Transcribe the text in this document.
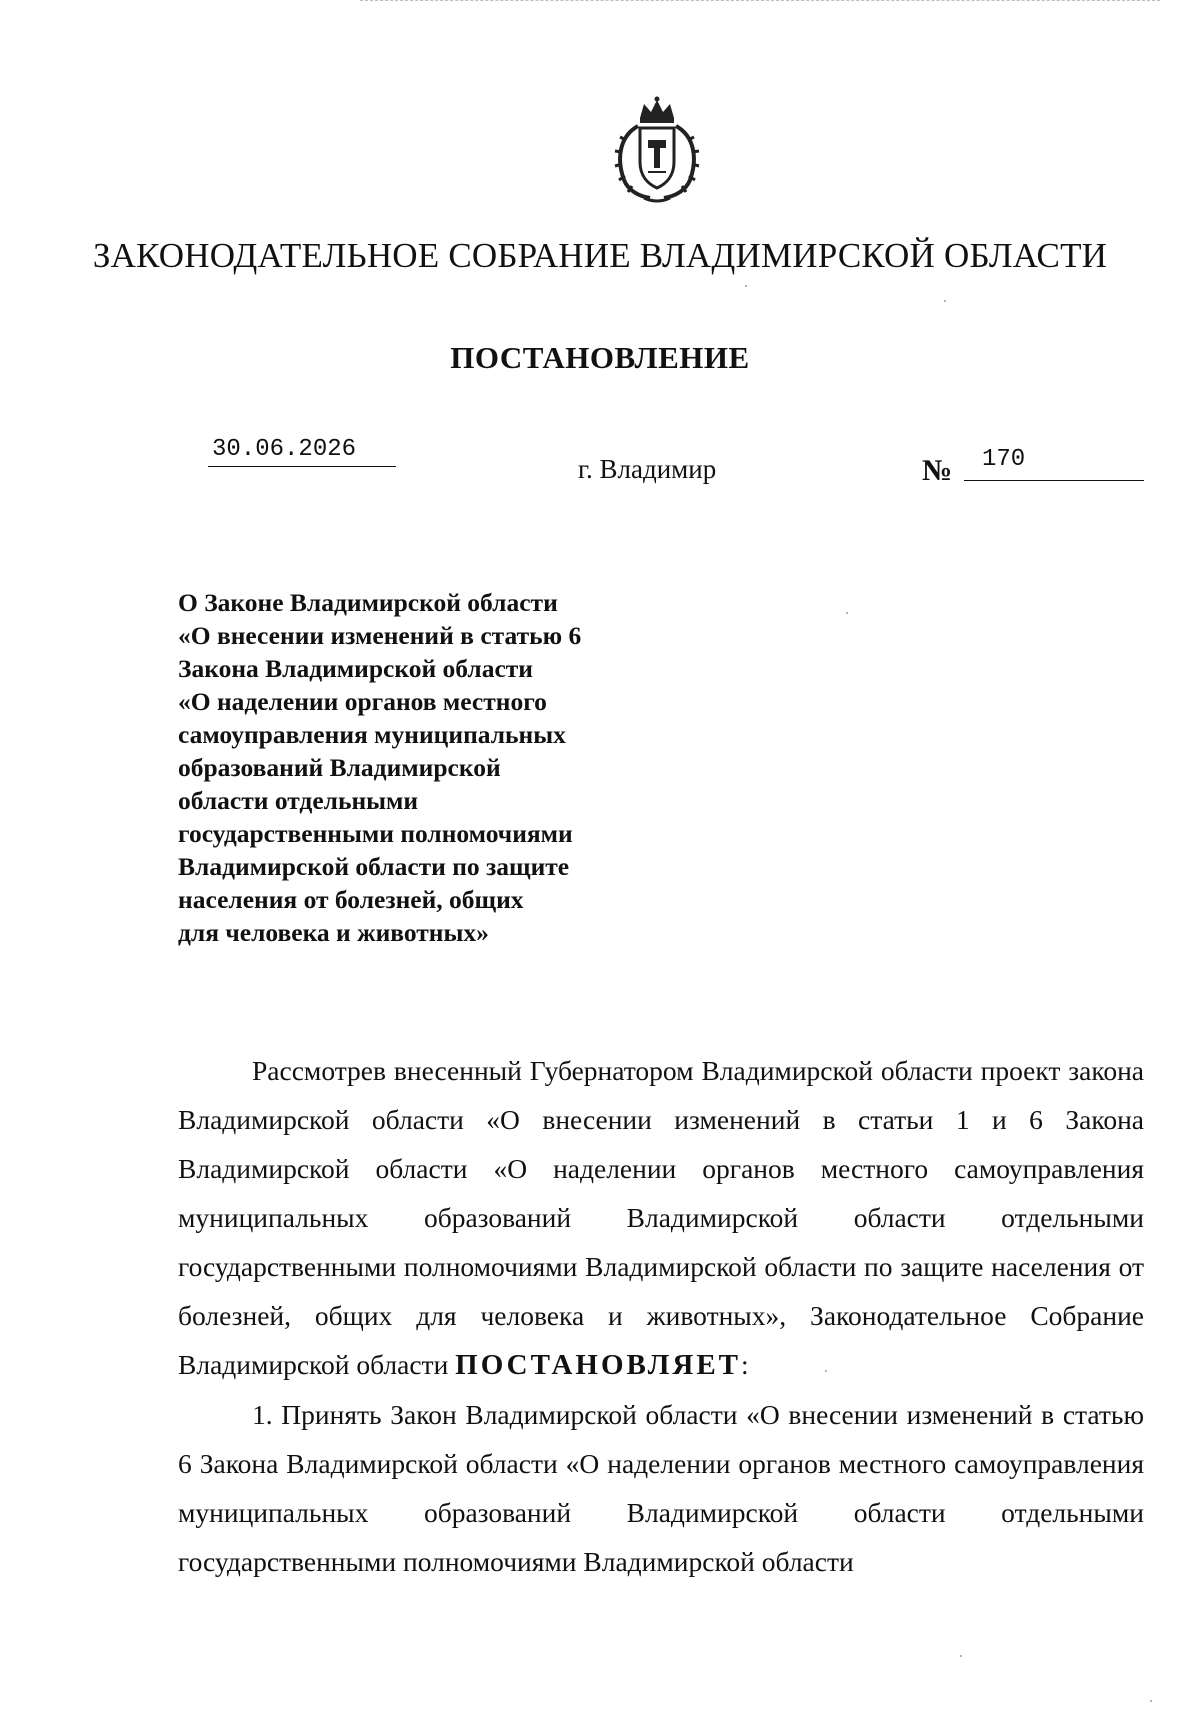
ЗАКОНОДАТЕЛЬНОЕ СОБРАНИЕ ВЛАДИМИРСКОЙ ОБЛАСТИ
ПОСТАНОВЛЕНИЕ
30.06.2026
г. Владимир	№ 170
О Законе Владимирской области
«О внесении изменений в статью 6
Закона Владимирской области
«О наделении органов местного
самоуправления муниципальных
образований Владимирской
области отдельными
государственными полномочиями
Владимирской области по защите
населения от болезней, общих
для человека и животных»

Рассмотрев внесенный Губернатором Владимирской области проект закона Владимирской области «О внесении изменений в статьи 1 и 6 Закона Владимирской области «О наделении органов местного самоуправления муниципальных образований Владимирской области отдельными государственными полномочиями Владимирской области по защите населения от болезней, общих для человека и животных», Законодательное Собрание Владимирской области ПОСТАНОВЛЯЕТ:

1. Принять Закон Владимирской области «О внесении изменений в статью 6 Закона Владимирской области «О наделении органов местного самоуправления муниципальных образований Владимирской области отдельными государственными полномочиями Владимирской области
